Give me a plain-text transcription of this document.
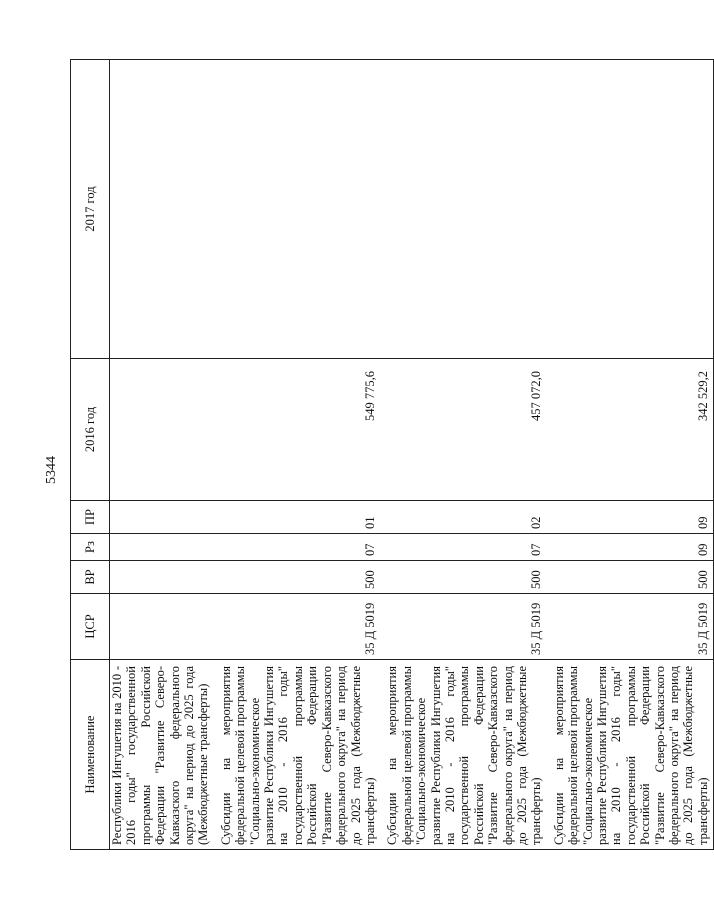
5344
Наименование	ЦСР	ВР	Рз	ПР	2016 год	2017 год
Республики Ингушетия на 2010 - 2016 годы" государственной программы Российской Федерации "Развитие Северо-Кавказского федерального округа" на период до 2025 года (Межбюджетные трансферты)						
Субсидии на мероприятия федеральной целевой программы "Социально-экономическое развитие Республики Ингушетия на 2010 - 2016 годы" государственной программы Российской Федерации "Развитие Северо-Кавказского федерального округа" на период до 2025 года (Межбюджетные трансферты)	35 Д 5019	500	07	01	549 775,6	
Субсидии на мероприятия федеральной целевой программы "Социально-экономическое развитие Республики Ингушетия на 2010 - 2016 годы" государственной программы Российской Федерации "Развитие Северо-Кавказского федерального округа" на период до 2025 года (Межбюджетные трансферты)	35 Д 5019	500	07	02	457 072,0	
Субсидии на мероприятия федеральной целевой программы "Социально-экономическое развитие Республики Ингушетия на 2010 - 2016 годы" государственной программы Российской Федерации "Развитие Северо-Кавказского федерального округа" на период до 2025 года (Межбюджетные трансферты)	35 Д 5019	500	09	09	342 529,2	
